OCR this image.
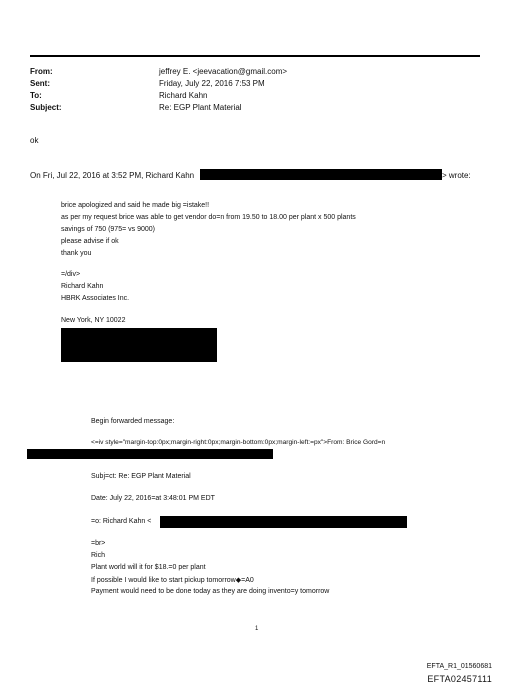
From:
Sent:
To:
Subject:
jeffrey E. <jeevacation@gmail.com>
Friday, July 22, 2016 7:53 PM
Richard Kahn
Re: EGP Plant Material
ok
On Fri, Jul 22, 2016 at 3:52 PM, Richard Kahn	> wrote:
brice apologized and said he made big =istake!!
as per my request brice was able to get vendor do=n from 19.50 to 18.00 per plant x 500 plants
savings of 750 (975= vs 9000)
please advise if ok
thank you
=/div>
Richard Kahn
HBRK Associates Inc.
New York, NY 10022
Begin forwarded message:
<=iv style="margin-top:0px;margin-right:0px;margin-bottom:0px;margin-left:=px">From: Brice Gord=n
Subj=ct: Re: EGP Plant Material
Date: July 22, 2016=at 3:48:01 PM EDT
=o: Richard Kahn <
=br>
Rich
Plant world will it for $18.=0 per plant
If possible I would like to start pickup tomorrow◆=A0
Payment would need to be done today as they are doing invento=y tomorrow
1
EFTA_R1_01560681
EFTA02457111
